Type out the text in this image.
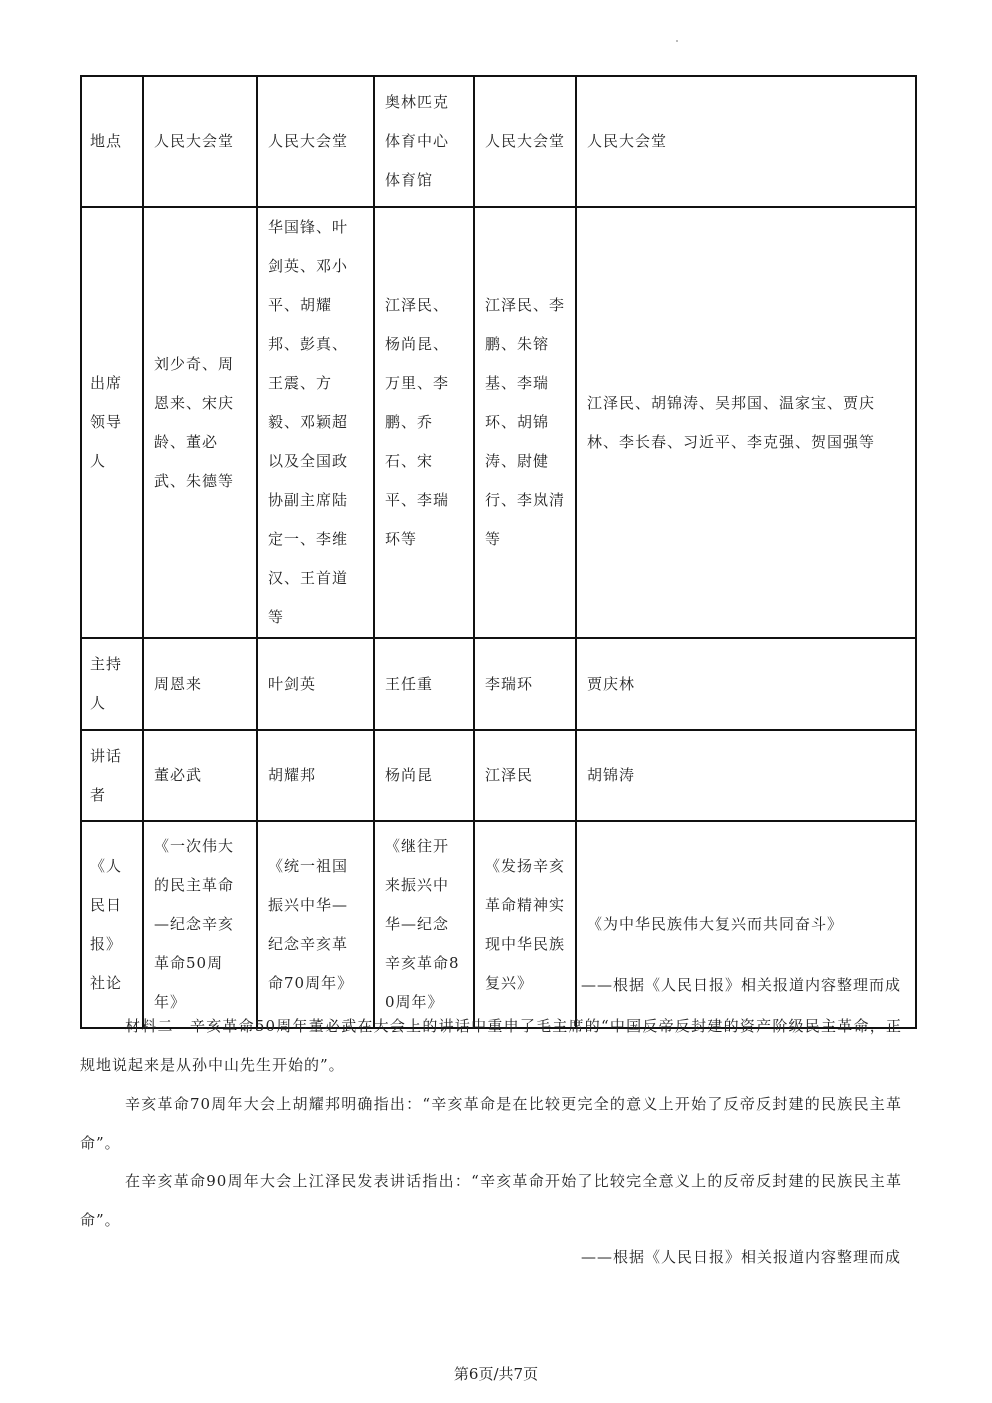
地点	人民大会堂	人民大会堂	奥林匹克体育中心体育馆	人民大会堂	人民大会堂
出席领导人	刘少奇、周恩来、宋庆龄、董必武、朱德等	华国锋、叶剑英、邓小平、胡耀邦、彭真、王震、方毅、邓颖超以及全国政协副主席陆定一、李维汉、王首道等	江泽民、杨尚昆、万里、李鹏、乔石、宋平、李瑞环等	江泽民、李鹏、朱镕基、李瑞环、胡锦涛、尉健行、李岚清等	江泽民、胡锦涛、吴邦国、温家宝、贾庆林、李长春、习近平、李克强、贺国强等
主持人	周恩来	叶剑英	王任重	李瑞环	贾庆林
讲话者	董必武	胡耀邦	杨尚昆	江泽民	胡锦涛
《人民日报》社论	《一次伟大的民主革命—纪念辛亥革命50周年》	《统一祖国振兴中华—纪念辛亥革命70周年》	《继往开来振兴中华—纪念辛亥革命80周年》	《发扬辛亥革命精神实现中华民族复兴》	《为中华民族伟大复兴而共同奋斗》
——根据《人民日报》相关报道内容整理而成
材料二　辛亥革命50周年董必武在大会上的讲话中重申了毛主席的“中国反帝反封建的资产阶级民主革命，正规地说起来是从孙中山先生开始的”。
辛亥革命70周年大会上胡耀邦明确指出：“辛亥革命是在比较更完全的意义上开始了反帝反封建的民族民主革命”。
在辛亥革命90周年大会上江泽民发表讲话指出：“辛亥革命开始了比较完全意义上的反帝反封建的民族民主革命”。
——根据《人民日报》相关报道内容整理而成
第6页/共7页
